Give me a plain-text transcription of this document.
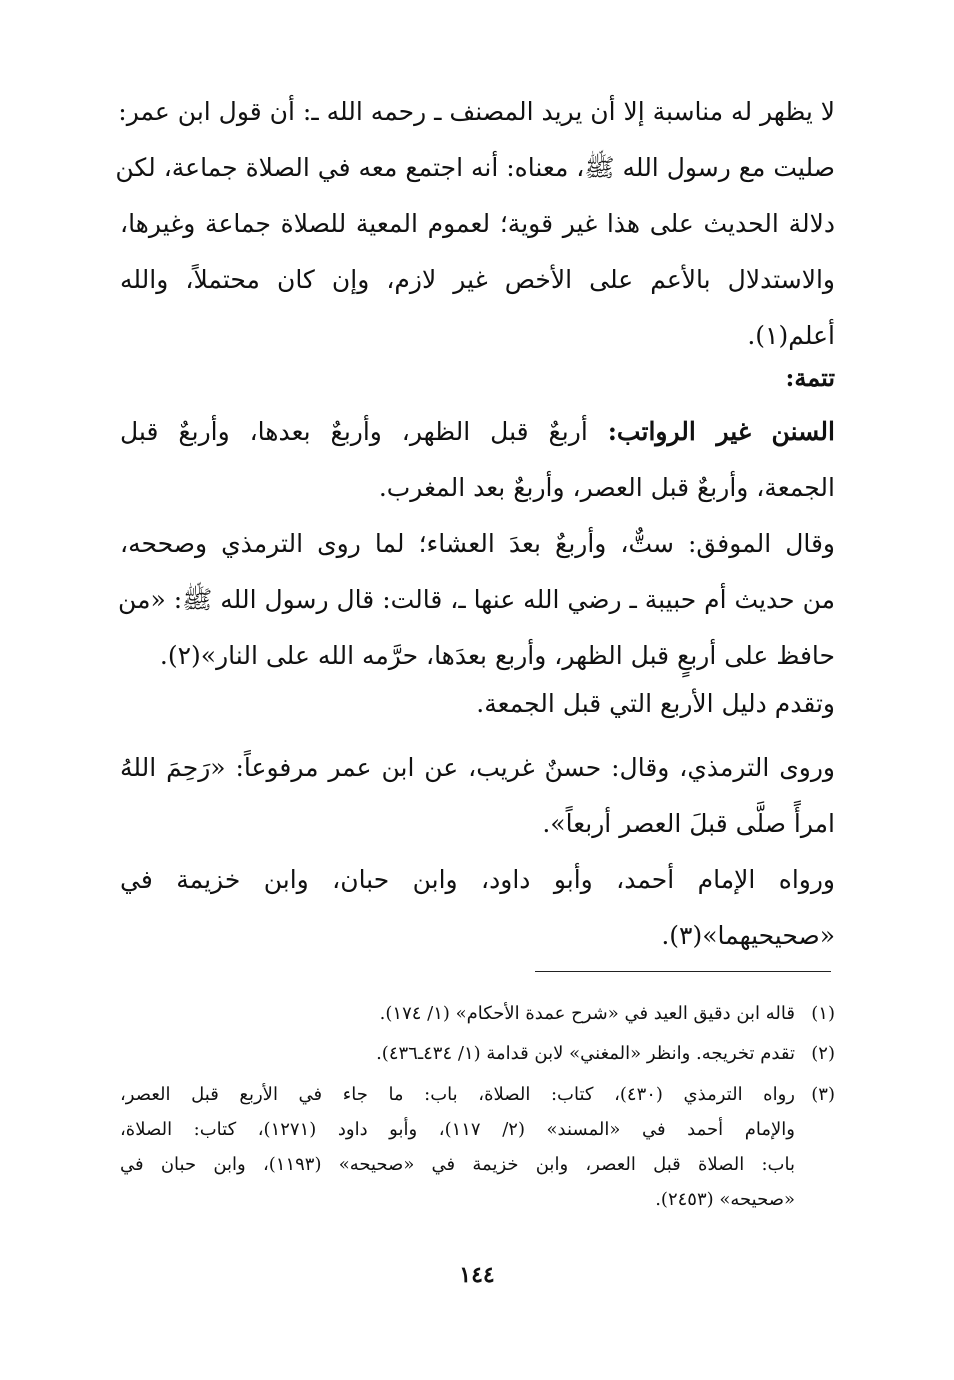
لا يظهر له مناسبة إلا أن يريد المصنف ـ رحمه الله ـ: أن قول ابن عمر:
صليت مع رسول الله ﷺ، معناه: أنه اجتمع معه في الصلاة جماعة، لكن
دلالة الحديث على هذا غير قوية؛ لعموم المعية للصلاة جماعة وغيرها،
والاستدلال بالأعم على الأخص غير لازم، وإن كان محتملاً، والله
أعلم(١).
تتمة:
السنن غير الرواتب: أربعٌ قبل الظهر، وأربعٌ بعدها، وأربعٌ قبل
الجمعة، وأربعٌ قبل العصر، وأربعٌ بعد المغرب.
وقال الموفق: ستٌّ، وأربعٌ بعدَ العشاء؛ لما روى الترمذي وصححه،
من حديث أم حبيبة ـ رضي الله عنها ـ، قالت: قال رسول الله ﷺ: «من
حافظ على أربعٍ قبل الظهر، وأربع بعدَها، حرَّمه الله على النار»(٢).
وتقدم دليل الأربع التي قبل الجمعة.
وروى الترمذي، وقال: حسنٌ غريب، عن ابن عمر مرفوعاً: «رَحِمَ اللهُ
امرأً صلَّى قبلَ العصر أربعاً».
ورواه الإمام أحمد، وأبو داود، وابن حبان، وابن خزيمة في
«صحيحيهما»(٣).
(١)
قاله ابن دقيق العيد في «شرح عمدة الأحكام» (١/ ١٧٤).
(٢)
تقدم تخريجه. وانظر «المغني» لابن قدامة (١/ ٤٣٤ـ٤٣٦).
(٣)
رواه الترمذي (٤٣٠)، كتاب: الصلاة، باب: ما جاء في الأربع قبل العصر،
والإمام أحمد في «المسند» (٢/ ١١٧)، وأبو داود (١٢٧١)، كتاب: الصلاة،
باب: الصلاة قبل العصر، وابن خزيمة في «صحيحه» (١١٩٣)، وابن حبان في
«صحيحه» (٢٤٥٣).
١٤٤
